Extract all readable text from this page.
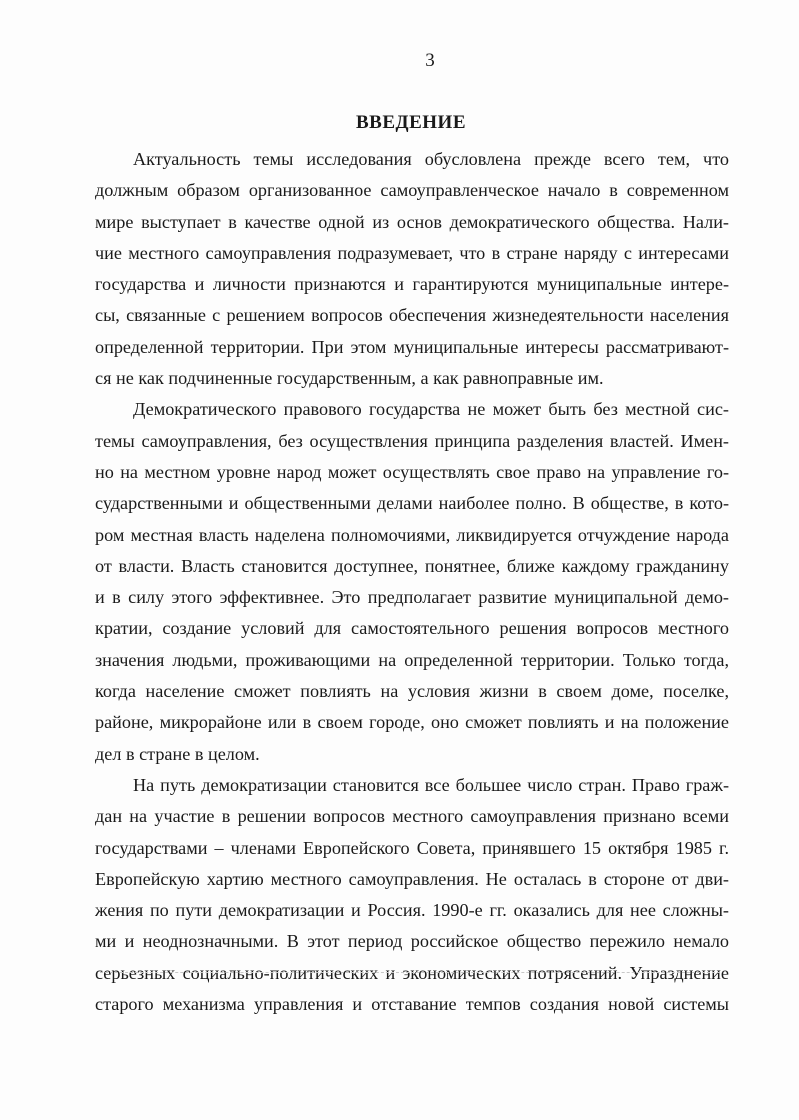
3
ВВЕДЕНИЕ

Актуальность темы исследования обусловлена прежде всего тем, что
должным образом организованное самоуправленческое начало в современном
мире выступает в качестве одной из основ демократического общества. Нали-
чие местного самоуправления подразумевает, что в стране наряду с интересами
государства и личности признаются и гарантируются муниципальные интере-
сы, связанные с решением вопросов обеспечения жизнедеятельности населения
определенной территории. При этом муниципальные интересы рассматривают-
ся не как подчиненные государственным, а как равноправные им.

Демократического правового государства не может быть без местной сис-
темы самоуправления, без осуществления принципа разделения властей. Имен-
но на местном уровне народ может осуществлять свое право на управление го-
сударственными и общественными делами наиболее полно. В обществе, в кото-
ром местная власть наделена полномочиями, ликвидируется отчуждение народа
от власти. Власть становится доступнее, понятнее, ближе каждому гражданину
и в силу этого эффективнее. Это предполагает развитие муниципальной демо-
кратии, создание условий для самостоятельного решения вопросов местного
значения людьми, проживающими на определенной территории. Только тогда,
когда население сможет повлиять на условия жизни в своем доме, поселке,
районе, микрорайоне или в своем городе, оно сможет повлиять и на положение
дел в стране в целом.

На путь демократизации становится все большее число стран. Право граж-
дан на участие в решении вопросов местного самоуправления признано всеми
государствами – членами Европейского Совета, принявшего 15 октября 1985 г.
Европейскую хартию местного самоуправления. Не осталась в стороне от дви-
жения по пути демократизации и Россия. 1990-е гг. оказались для нее сложны-
ми и неоднозначными. В этот период российское общество пережило немало
серьезных социально-политических и экономических потрясений. Упразднение
старого механизма управления и отставание темпов создания новой системы
